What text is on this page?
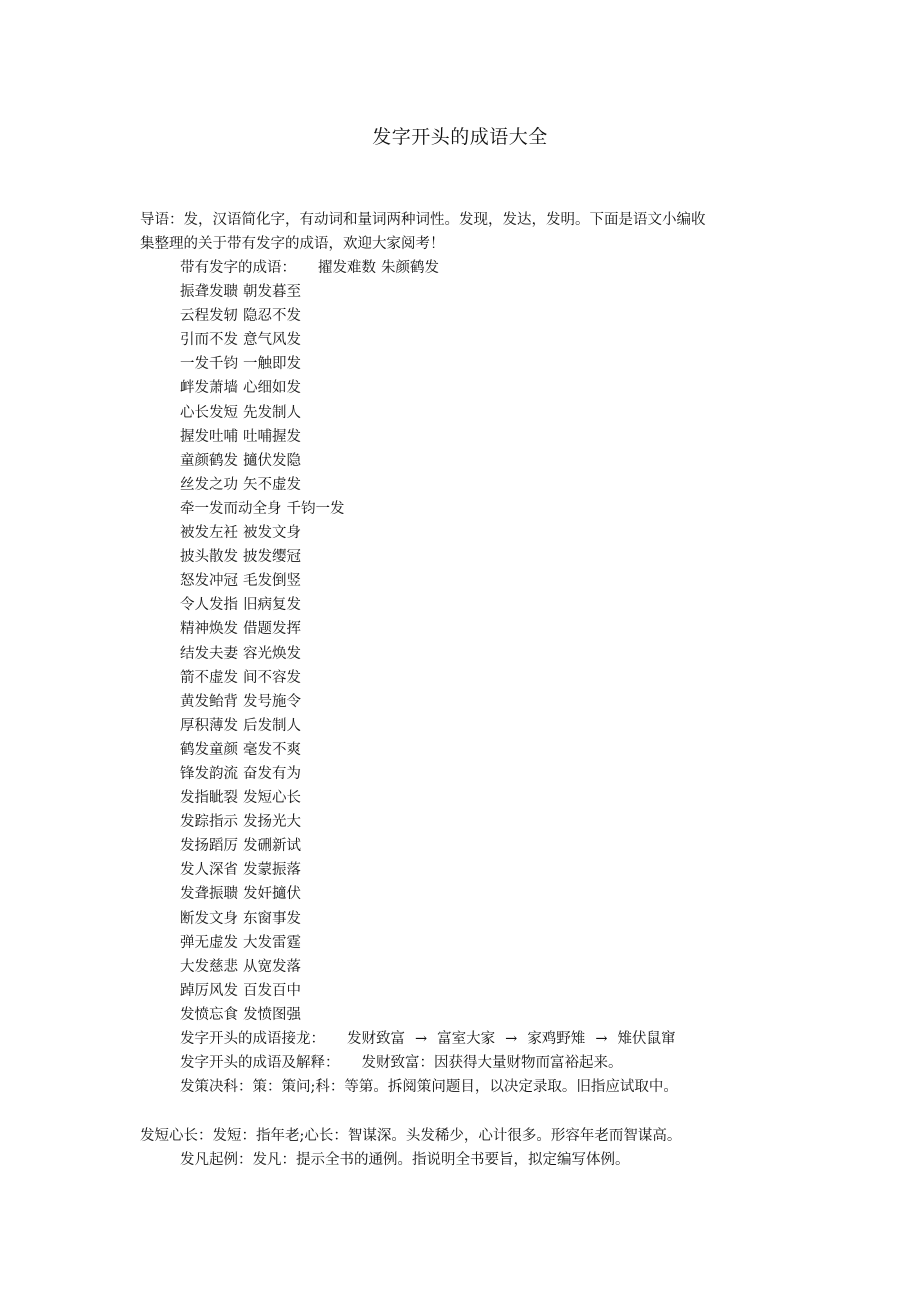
发字开头的成语大全

导语：发，汉语简化字，有动词和量词两种词性。发现，发达，发明。下面是语文小编收

集整理的关于带有发字的成语，欢迎大家阅考！

带有发字的成语： 擢发难数 朱颜鹤发
振聋发聩 朝发暮至
云程发轫 隐忍不发
引而不发 意气风发
一发千钧 一触即发
衅发萧墙 心细如发
心长发短 先发制人
握发吐哺 吐哺握发
童颜鹤发 擿伏发隐
丝发之功 矢不虚发
牵一发而动全身 千钧一发
被发左衽 被发文身
披头散发 披发缨冠
怒发冲冠 毛发倒竖
令人发指 旧病复发
精神焕发 借题发挥
结发夫妻 容光焕发
箭不虚发 间不容发
黄发鲐背 发号施令
厚积薄发 后发制人
鹤发童颜 毫发不爽
锋发韵流 奋发有为
发指眦裂 发短心长
发踪指示 发扬光大
发扬蹈厉 发硎新试
发人深省 发蒙振落
发聋振聩 发奸擿伏
断发文身 东窗事发
弹无虚发 大发雷霆
大发慈悲 从宽发落
踔厉风发 百发百中
发愤忘食 发愤图强
发字开头的成语接龙： 发财致富 → 富室大家 → 家鸡野雉 → 雉伏鼠窜
发字开头的成语及解释： 发财致富：因获得大量财物而富裕起来。
发策决科：策：策问;科：等第。拆阅策问题目，以决定录取。旧指应试取中。

发短心长：发短：指年老;心长：智谋深。头发稀少，心计很多。形容年老而智谋高。

发凡起例：发凡：提示全书的通例。指说明全书要旨，拟定编写体例。
